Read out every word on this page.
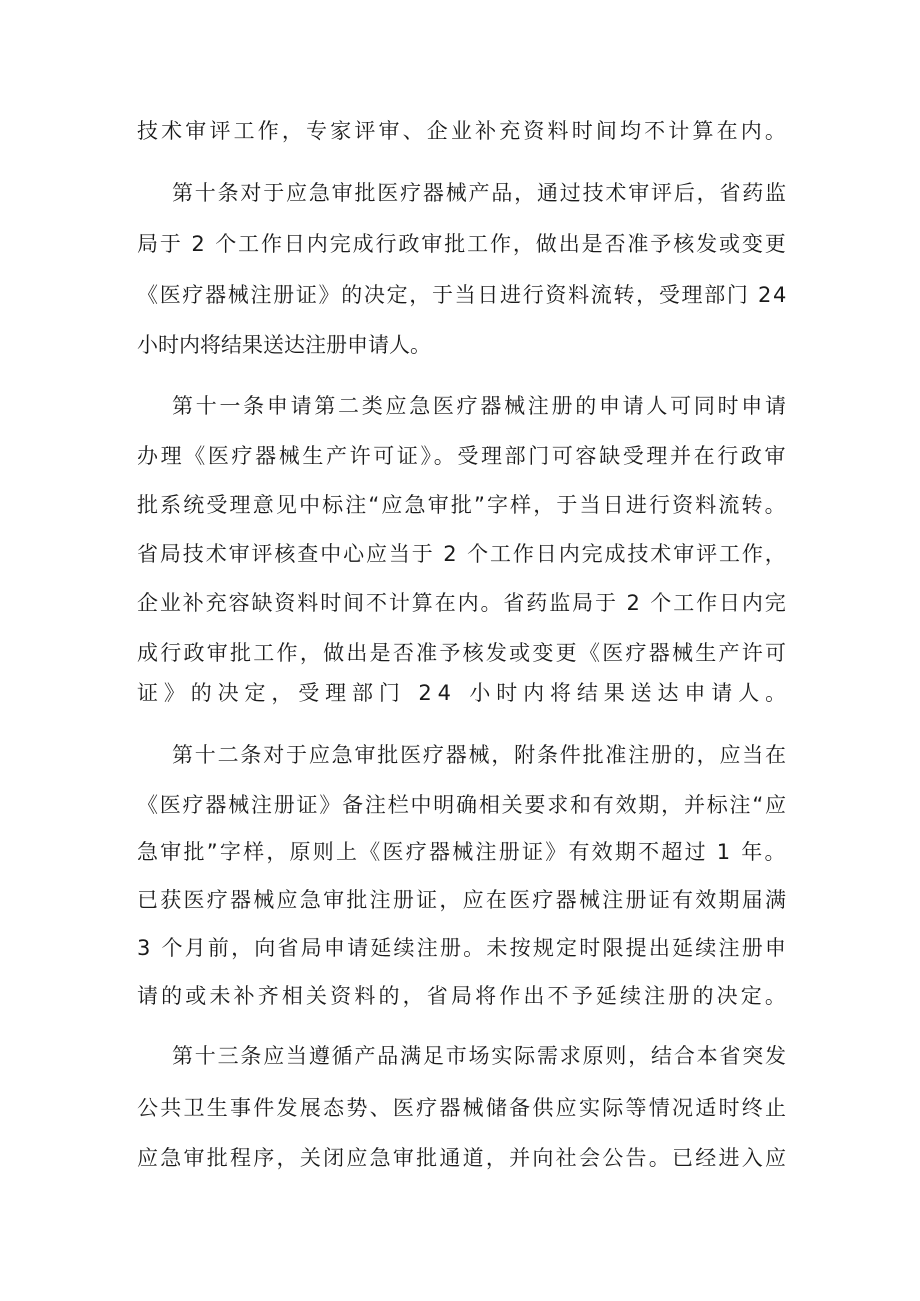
技术审评工作，专家评审、企业补充资料时间均不计算在内。
第十条对于应急审批医疗器械产品，通过技术审评后，省药监
局于 2 个工作日内完成行政审批工作，做出是否准予核发或变更
《医疗器械注册证》的决定，于当日进行资料流转，受理部门 24
小时内将结果送达注册申请人。
第十一条申请第二类应急医疗器械注册的申请人可同时申请
办理《医疗器械生产许可证》。受理部门可容缺受理并在行政审
批系统受理意见中标注“应急审批”字样，于当日进行资料流转。
省局技术审评核查中心应当于 2 个工作日内完成技术审评工作，
企业补充容缺资料时间不计算在内。省药监局于 2 个工作日内完
成行政审批工作，做出是否准予核发或变更《医疗器械生产许可
证》的决定，受理部门 24 小时内将结果送达申请人。
第十二条对于应急审批医疗器械，附条件批准注册的，应当在
《医疗器械注册证》备注栏中明确相关要求和有效期，并标注“应
急审批”字样，原则上《医疗器械注册证》有效期不超过 1 年。
已获医疗器械应急审批注册证，应在医疗器械注册证有效期届满
3 个月前，向省局申请延续注册。未按规定时限提出延续注册申
请的或未补齐相关资料的，省局将作出不予延续注册的决定。
第十三条应当遵循产品满足市场实际需求原则，结合本省突发
公共卫生事件发展态势、医疗器械储备供应实际等情况适时终止
应急审批程序，关闭应急审批通道，并向社会公告。已经进入应
